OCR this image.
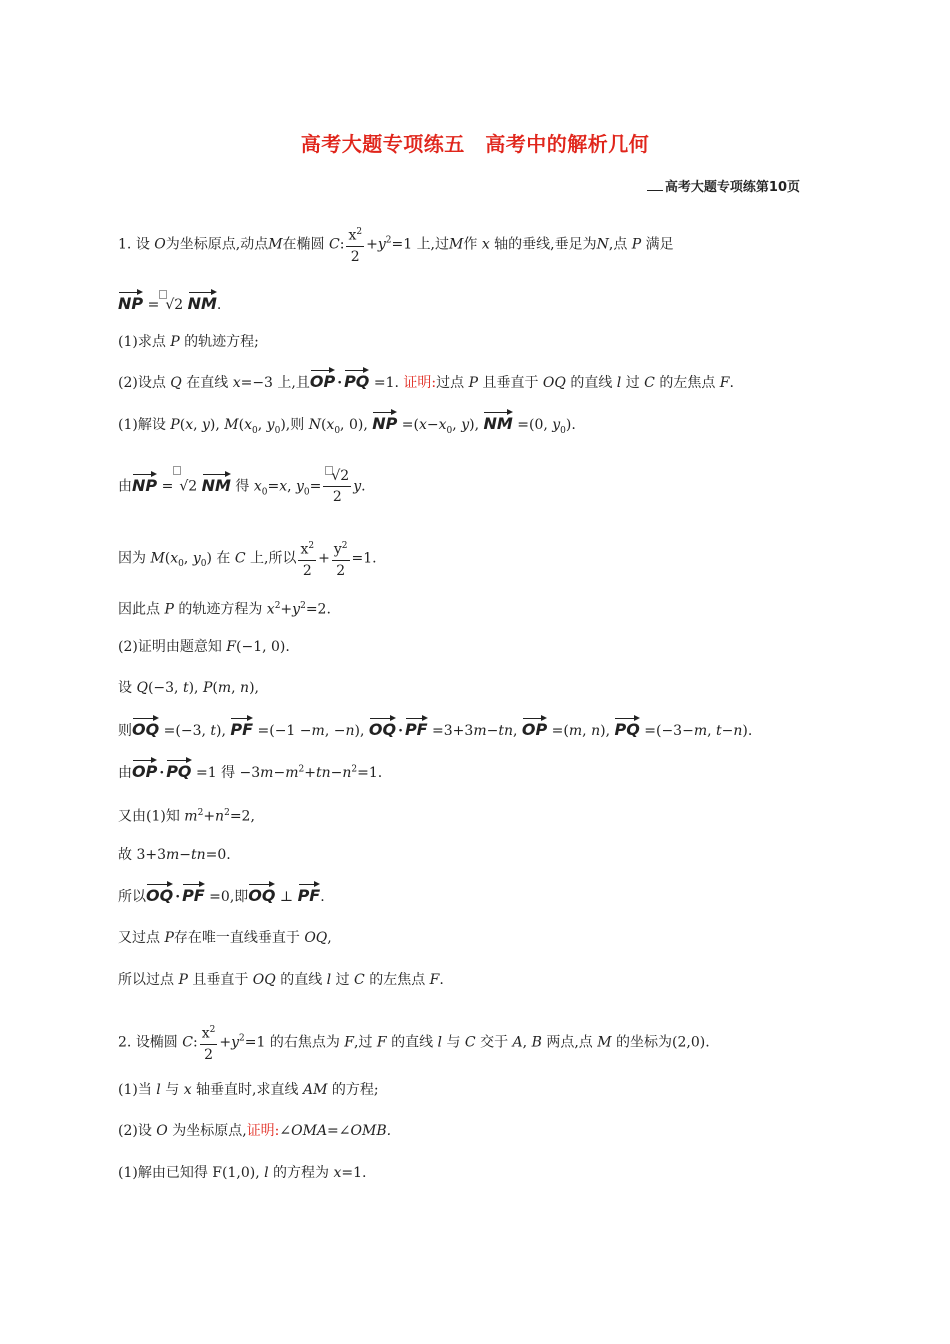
高考大题专项练五　高考中的解析几何
高考大题专项练第10页
1. 设 O为坐标原点,动点M在椭圆 C: $\frac{x^2}{2} +y^2=1$ 上,过M作 x 轴的垂线,垂足为N,点 P 满足
NP = √2 NM.
(1)求点 P 的轨迹方程;
(2)设点 Q 在直线 x=−3 上,且OP · PQ =1. 证明:过点 P 且垂直于 OQ 的直线 l 过 C 的左焦点 F.
(1)解设 P(x, y), $M(x_0$, $y_0$),则 $N(x_0$, 0), NP $=(x-x_0$, y), NM =(0, $y_0$).
由NP = √2 NM 得 $x_0=x$, $y_0= \frac{√2}{2} y$.
因为 $M(x_0$, $y_0$) 在 C 上,所以 $\frac{x^2}{2} + \frac{y^2}{2} =1$.
因此点 P 的轨迹方程为 $x^2+y^2=2$.
(2)证明由题意知 F(−1, 0).
设 Q(−3, t), P(m, n),
则OQ =(−3, t), PF =(−1 −m, −n), OQ · PF =3+3m−tn, OP =(m, n), PQ =(−3−m, t−n).
由OP · PQ =1 得 $-3m-m^2+tn-n^2=1$.
又由(1)知 $m^2+n^2=2$,
故 3+3m−tn=0.
所以OQ · PF =0,即OQ ⊥ PF.
又过点 P存在唯一直线垂直于 OQ,
所以过点 P 且垂直于 OQ 的直线 l 过 C 的左焦点 F.
2. 设椭圆 C: $\frac{x^2}{2} +y^2=1$ 的右焦点为 F,过 F 的直线 l 与 C 交于 A, B 两点,点 M 的坐标为(2,0).
(1)当 l 与 x 轴垂直时,求直线 AM 的方程;
(2)设 O 为坐标原点,证明:∠OMA=∠OMB.
(1)解由已知得 F(1,0), l 的方程为 x=1.
